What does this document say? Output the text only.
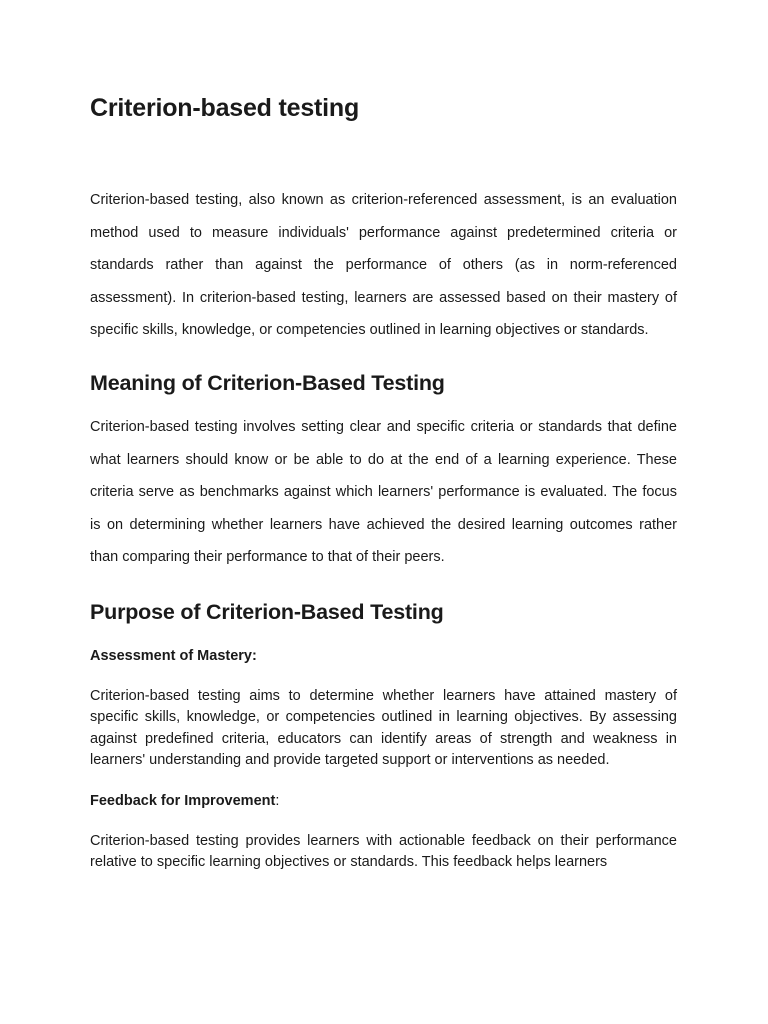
Criterion-based testing

Criterion-based testing, also known as criterion-referenced assessment, is an evaluation method used to measure individuals' performance against predetermined criteria or standards rather than against the performance of others (as in norm-referenced assessment). In criterion-based testing, learners are assessed based on their mastery of specific skills, knowledge, or competencies outlined in learning objectives or standards.

Meaning of Criterion-Based Testing

Criterion-based testing involves setting clear and specific criteria or standards that define what learners should know or be able to do at the end of a learning experience. These criteria serve as benchmarks against which learners' performance is evaluated. The focus is on determining whether learners have achieved the desired learning outcomes rather than comparing their performance to that of their peers.

Purpose of Criterion-Based Testing

Assessment of Mastery:

Criterion-based testing aims to determine whether learners have attained mastery of specific skills, knowledge, or competencies outlined in learning objectives. By assessing against predefined criteria, educators can identify areas of strength and weakness in learners' understanding and provide targeted support or interventions as needed.

Feedback for Improvement:

Criterion-based testing provides learners with actionable feedback on their performance relative to specific learning objectives or standards. This feedback helps learners
